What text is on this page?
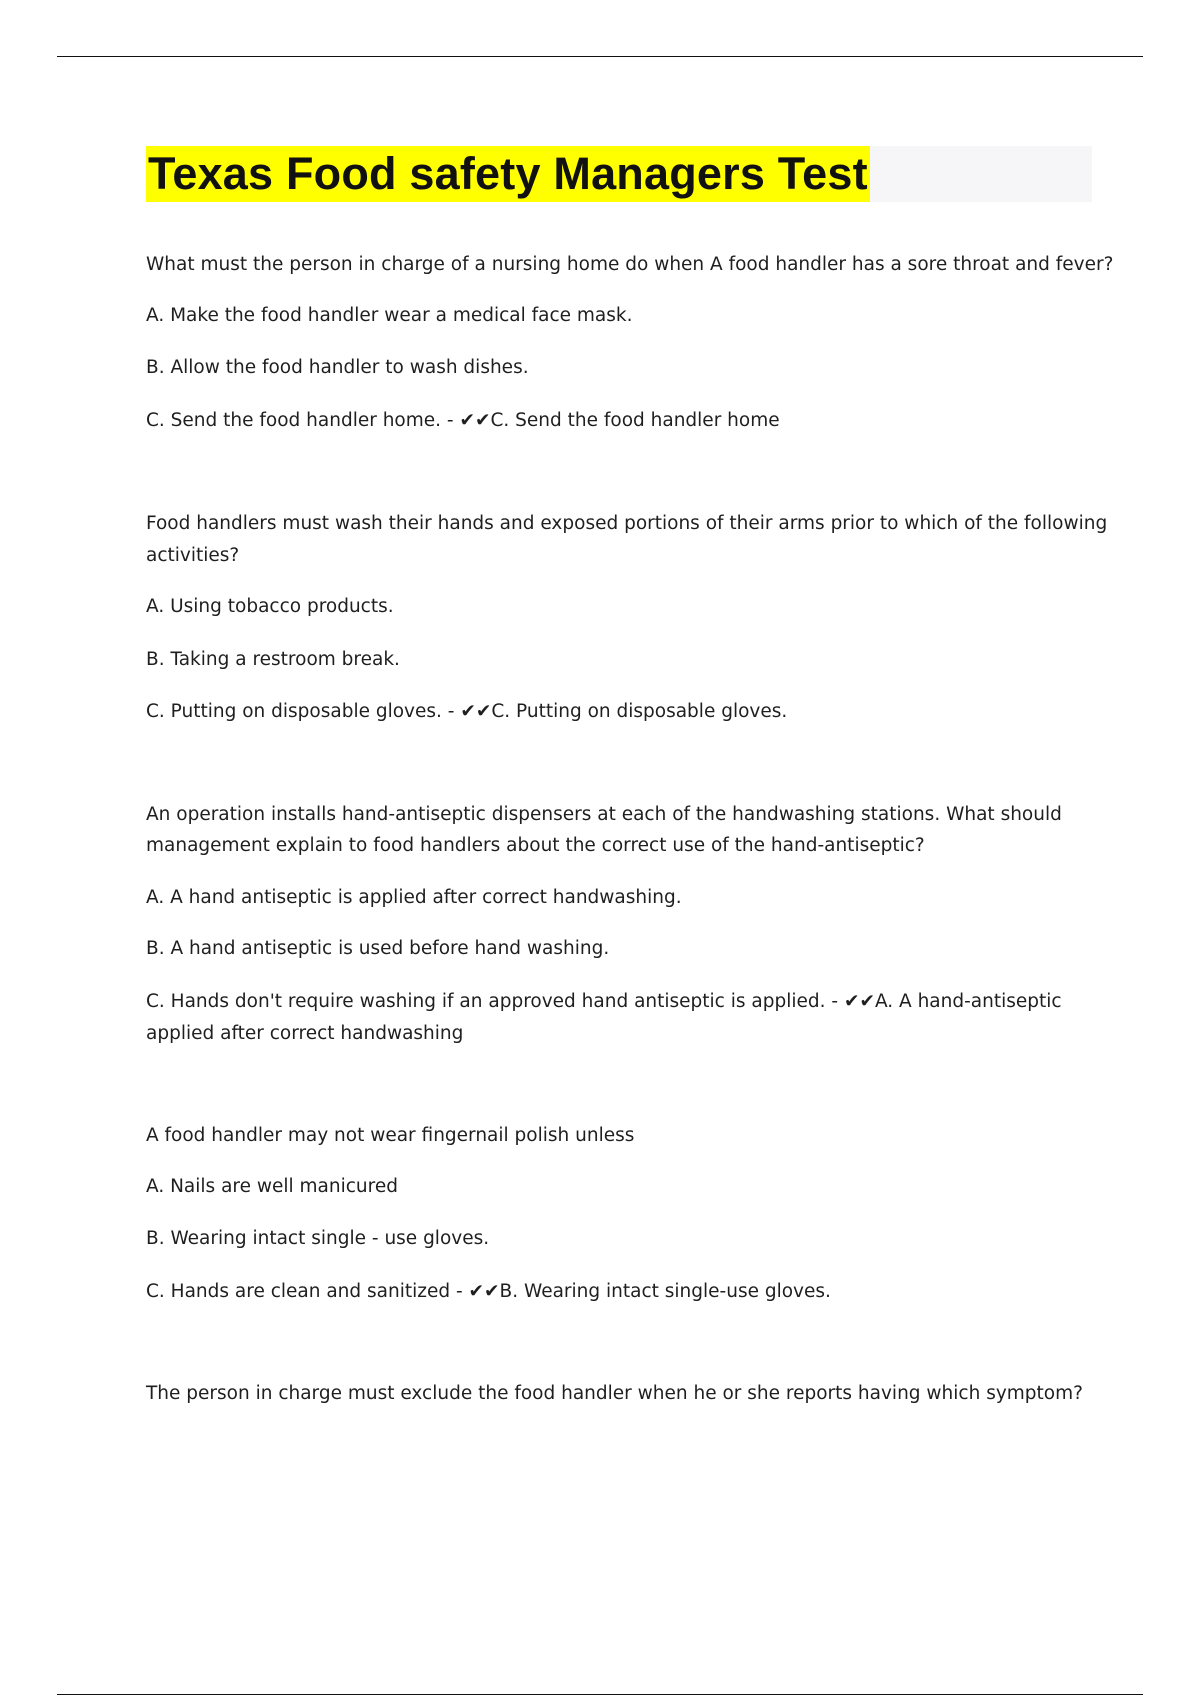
Texas Food safety Managers Test
What must the person in charge of a nursing home do when A food handler has a sore throat and fever?
A. Make the food handler wear a medical face mask.
B. Allow the food handler to wash dishes.
C. Send the food handler home. - ✔✔C. Send the food handler home
Food handlers must wash their hands and exposed portions of their arms prior to which of the following
activities?
A. Using tobacco products.
B. Taking a restroom break.
C. Putting on disposable gloves. - ✔✔C. Putting on disposable gloves.
An operation installs hand-antiseptic dispensers at each of the handwashing stations. What should
management explain to food handlers about the correct use of the hand-antiseptic?
A. A hand antiseptic is applied after correct handwashing.
B. A hand antiseptic is used before hand washing.
C. Hands don't require washing if an approved hand antiseptic is applied. - ✔✔A. A hand-antiseptic
applied after correct handwashing
A food handler may not wear fingernail polish unless
A. Nails are well manicured
B. Wearing intact single - use gloves.
C. Hands are clean and sanitized - ✔✔B. Wearing intact single-use gloves.
The person in charge must exclude the food handler when he or she reports having which symptom?
